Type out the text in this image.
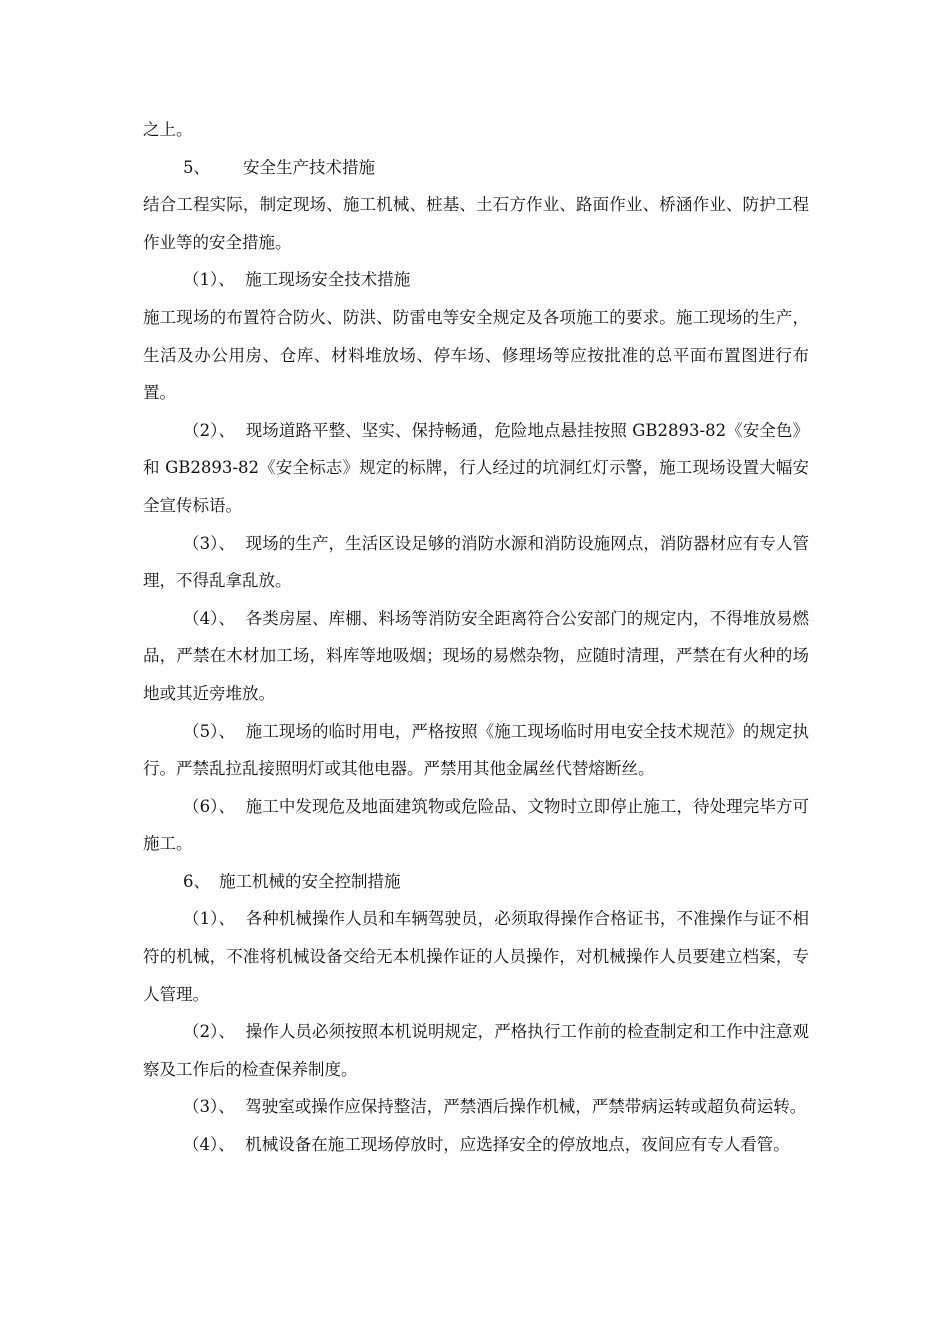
之上。

5、 安全生产技术措施

结合工程实际，制定现场、施工机械、桩基、土石方作业、路面作业、桥涵作业、防护工程作业等的安全措施。

（1）、 施工现场安全技术措施

施工现场的布置符合防火、防洪、防雷电等安全规定及各项施工的要求。施工现场的生产，生活及办公用房、仓库、材料堆放场、停车场、修理场等应按批准的总平面布置图进行布置。

（2）、 现场道路平整、坚实、保持畅通，危险地点悬挂按照 GB2893-82《安全色》和 GB2893-82《安全标志》规定的标牌，行人经过的坑洞红灯示警，施工现场设置大幅安全宣传标语。

（3）、 现场的生产，生活区设足够的消防水源和消防设施网点，消防器材应有专人管理，不得乱拿乱放。

（4）、 各类房屋、库棚、料场等消防安全距离符合公安部门的规定内，不得堆放易燃品，严禁在木材加工场，料库等地吸烟；现场的易燃杂物，应随时清理，严禁在有火种的场地或其近旁堆放。

（5）、 施工现场的临时用电，严格按照《施工现场临时用电安全技术规范》的规定执行。严禁乱拉乱接照明灯或其他电器。严禁用其他金属丝代替熔断丝。

（6）、 施工中发现危及地面建筑物或危险品、文物时立即停止施工，待处理完毕方可施工。

6、 施工机械的安全控制措施

（1）、 各种机械操作人员和车辆驾驶员，必须取得操作合格证书，不准操作与证不相符的机械，不准将机械设备交给无本机操作证的人员操作，对机械操作人员要建立档案，专人管理。

（2）、 操作人员必须按照本机说明规定，严格执行工作前的检查制定和工作中注意观察及工作后的检查保养制度。

（3）、 驾驶室或操作应保持整洁，严禁酒后操作机械，严禁带病运转或超负荷运转。

（4）、 机械设备在施工现场停放时，应选择安全的停放地点，夜间应有专人看管。
